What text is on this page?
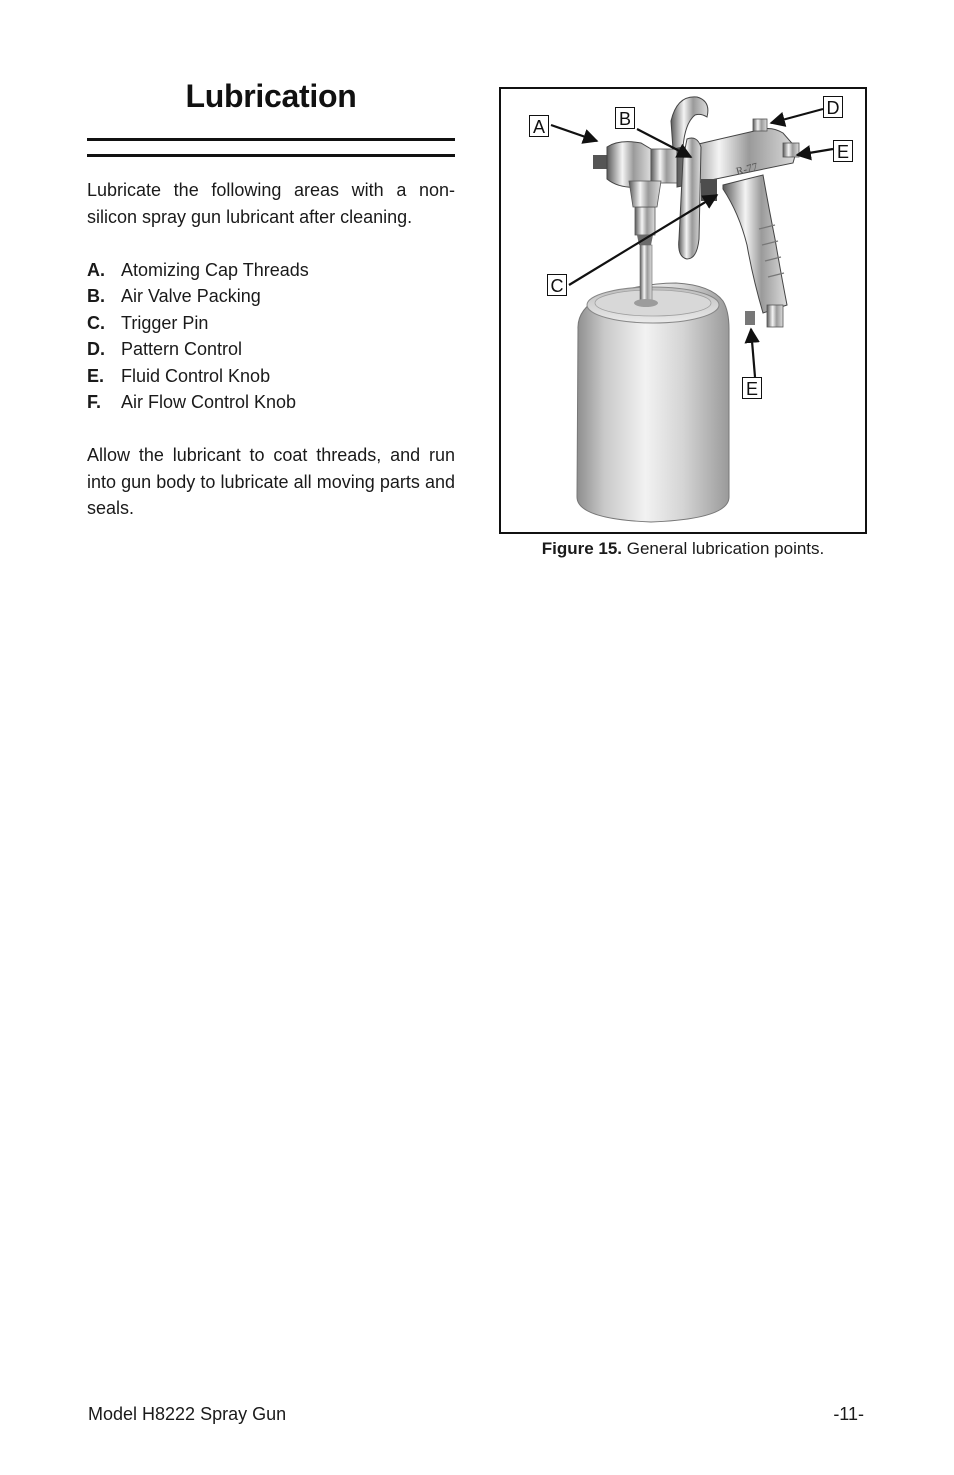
Lubrication

Lubricate the following areas with a non-silicon spray gun lubricant after cleaning.

A. Atomizing Cap Threads
B. Air Valve Packing
C. Trigger Pin
D. Pattern Control
E. Fluid Control Knob
F.	Air Flow Control Knob

Allow the lubricant to coat threads, and run into gun body to lubricate all moving parts and seals.

R-77
A	B
C
D
E
E

Figure 15. General lubrication points.

Model H8222 Spray Gun	-11-
